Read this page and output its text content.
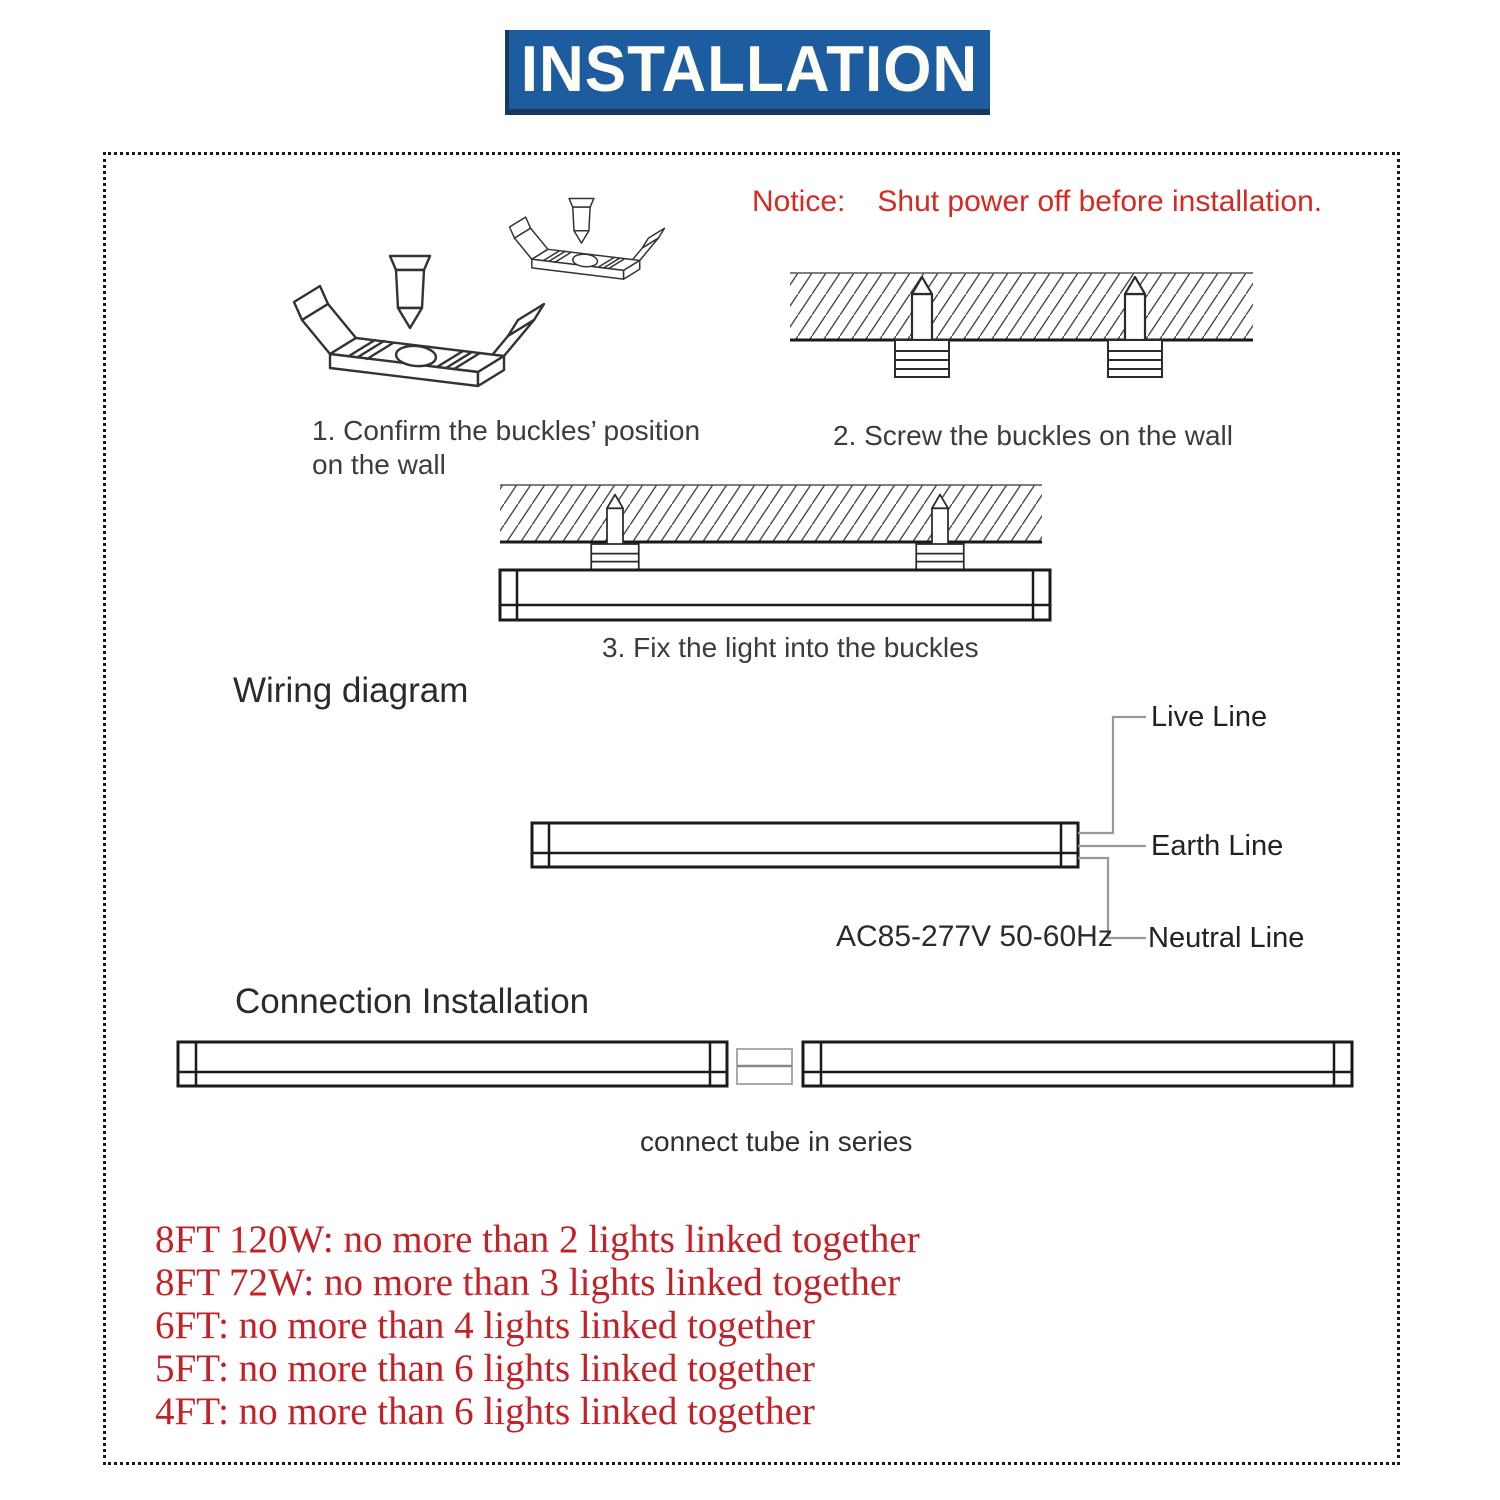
INSTALLATION
Notice: Shut power off before installation.
1. Confirm the buckles’ position
on the wall
2. Screw the buckles on the wall
3. Fix the light into the buckles
Wiring diagram
Live Line
Earth Line
Neutral Line
AC85-277V 50-60Hz
Connection Installation
connect tube in series
8FT 120W: no more than 2 lights linked together
8FT 72W: no more than 3 lights linked together
6FT: no more than 4 lights linked together
5FT: no more than 6 lights linked together
4FT: no more than 6 lights linked together
